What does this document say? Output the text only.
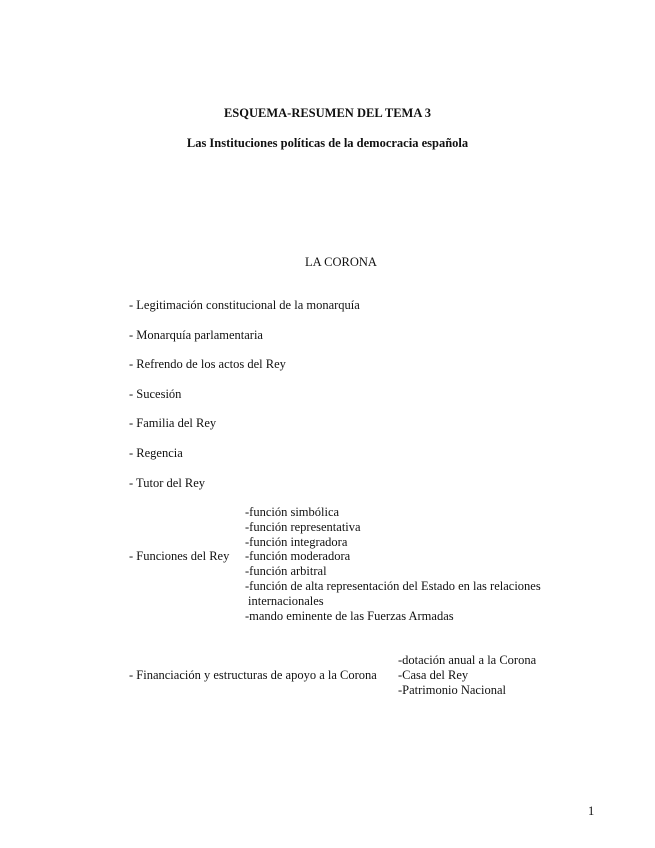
ESQUEMA-RESUMEN DEL TEMA 3
Las Instituciones políticas de la democracia española
LA CORONA
- Legitimación constitucional de la monarquía
- Monarquía parlamentaria
- Refrendo de los actos del Rey
- Sucesión
- Familia del Rey
- Regencia
- Tutor del Rey
-función simbólica
-función representativa
-función integradora
-función moderadora
-función arbitral
-función de alta representación del Estado en las relaciones
internacionales
-mando eminente de las Fuerzas Armadas
- Funciones del Rey
-dotación anual a la Corona
-Casa del Rey
-Patrimonio Nacional
- Financiación y estructuras de apoyo a la Corona
1
